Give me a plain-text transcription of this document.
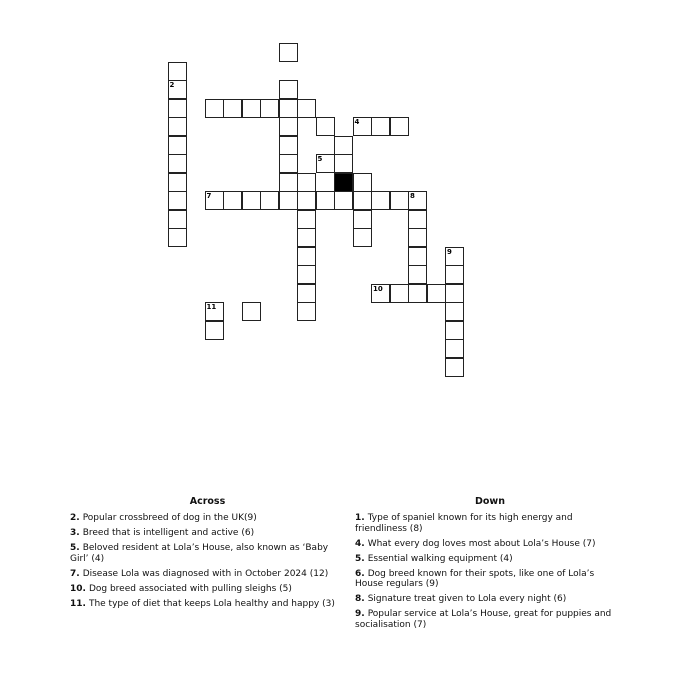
2
5
4
7	8
10
9
11
Across
2. Popular crossbreed of dog in the UK(9)
3. Breed that is intelligent and active (6)
5. Beloved resident at Lola’s House, also known as ‘Baby Girl’ (4)
7. Disease Lola was diagnosed with in October 2024 (12)
10. Dog breed associated with pulling sleighs (5)
11. The type of diet that keeps Lola healthy and happy (3)
Down
1. Type of spaniel known for its high energy and friendliness (8)
4. What every dog loves most about Lola’s House (7)
5. Essential walking equipment (4)
6. Dog breed known for their spots, like one of Lola’s House regulars (9)
8. Signature treat given to Lola every night (6)
9. Popular service at Lola’s House, great for puppies and socialisation (7)
